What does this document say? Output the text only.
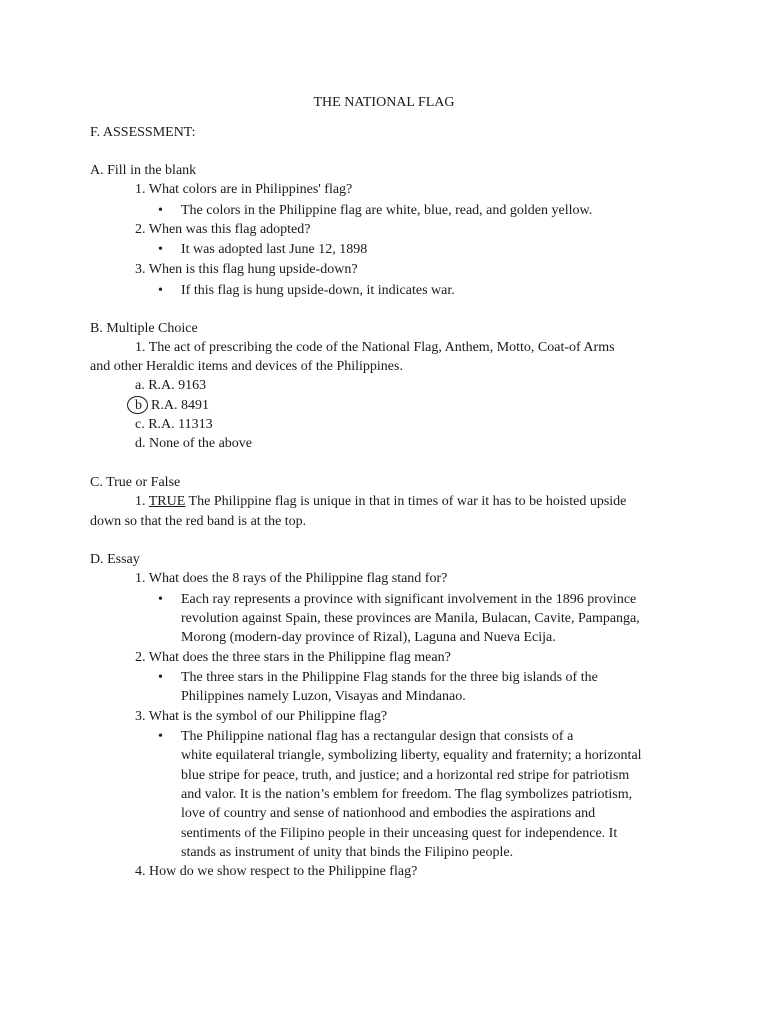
THE NATIONAL FLAG
F. ASSESSMENT:
A. Fill in the blank
1. What colors are in Philippines' flag?
• The colors in the Philippine flag are white, blue, read, and golden yellow.
2. When was this flag adopted?
• It was adopted last June 12, 1898
3. When is this flag hung upside-down?
• If this flag is hung upside-down, it indicates war.
B. Multiple Choice
1. The act of prescribing the code of the National Flag, Anthem, Motto, Coat-of Arms
and other Heraldic items and devices of the Philippines.
a. R.A. 9163
b R.A. 8491
c. R.A. 11313
d. None of the above
C. True or False
1. TRUE The Philippine flag is unique in that in times of war it has to be hoisted upside
down so that the red band is at the top.
D. Essay
1. What does the 8 rays of the Philippine flag stand for?
• Each ray represents a province with significant involvement in the 1896 province
revolution against Spain, these provinces are Manila, Bulacan, Cavite, Pampanga,
Morong (modern-day province of Rizal), Laguna and Nueva Ecija.
2. What does the three stars in the Philippine flag mean?
• The three stars in the Philippine Flag stands for the three big islands of the
Philippines namely Luzon, Visayas and Mindanao.
3. What is the symbol of our Philippine flag?
• The Philippine national flag has a rectangular design that consists of a
white equilateral triangle, symbolizing liberty, equality and fraternity; a horizontal
blue stripe for peace, truth, and justice; and a horizontal red stripe for patriotism
and valor. It is the nation’s emblem for freedom. The flag symbolizes patriotism,
love of country and sense of nationhood and embodies the aspirations and
sentiments of the Filipino people in their unceasing quest for independence. It
stands as instrument of unity that binds the Filipino people.
4. How do we show respect to the Philippine flag?
